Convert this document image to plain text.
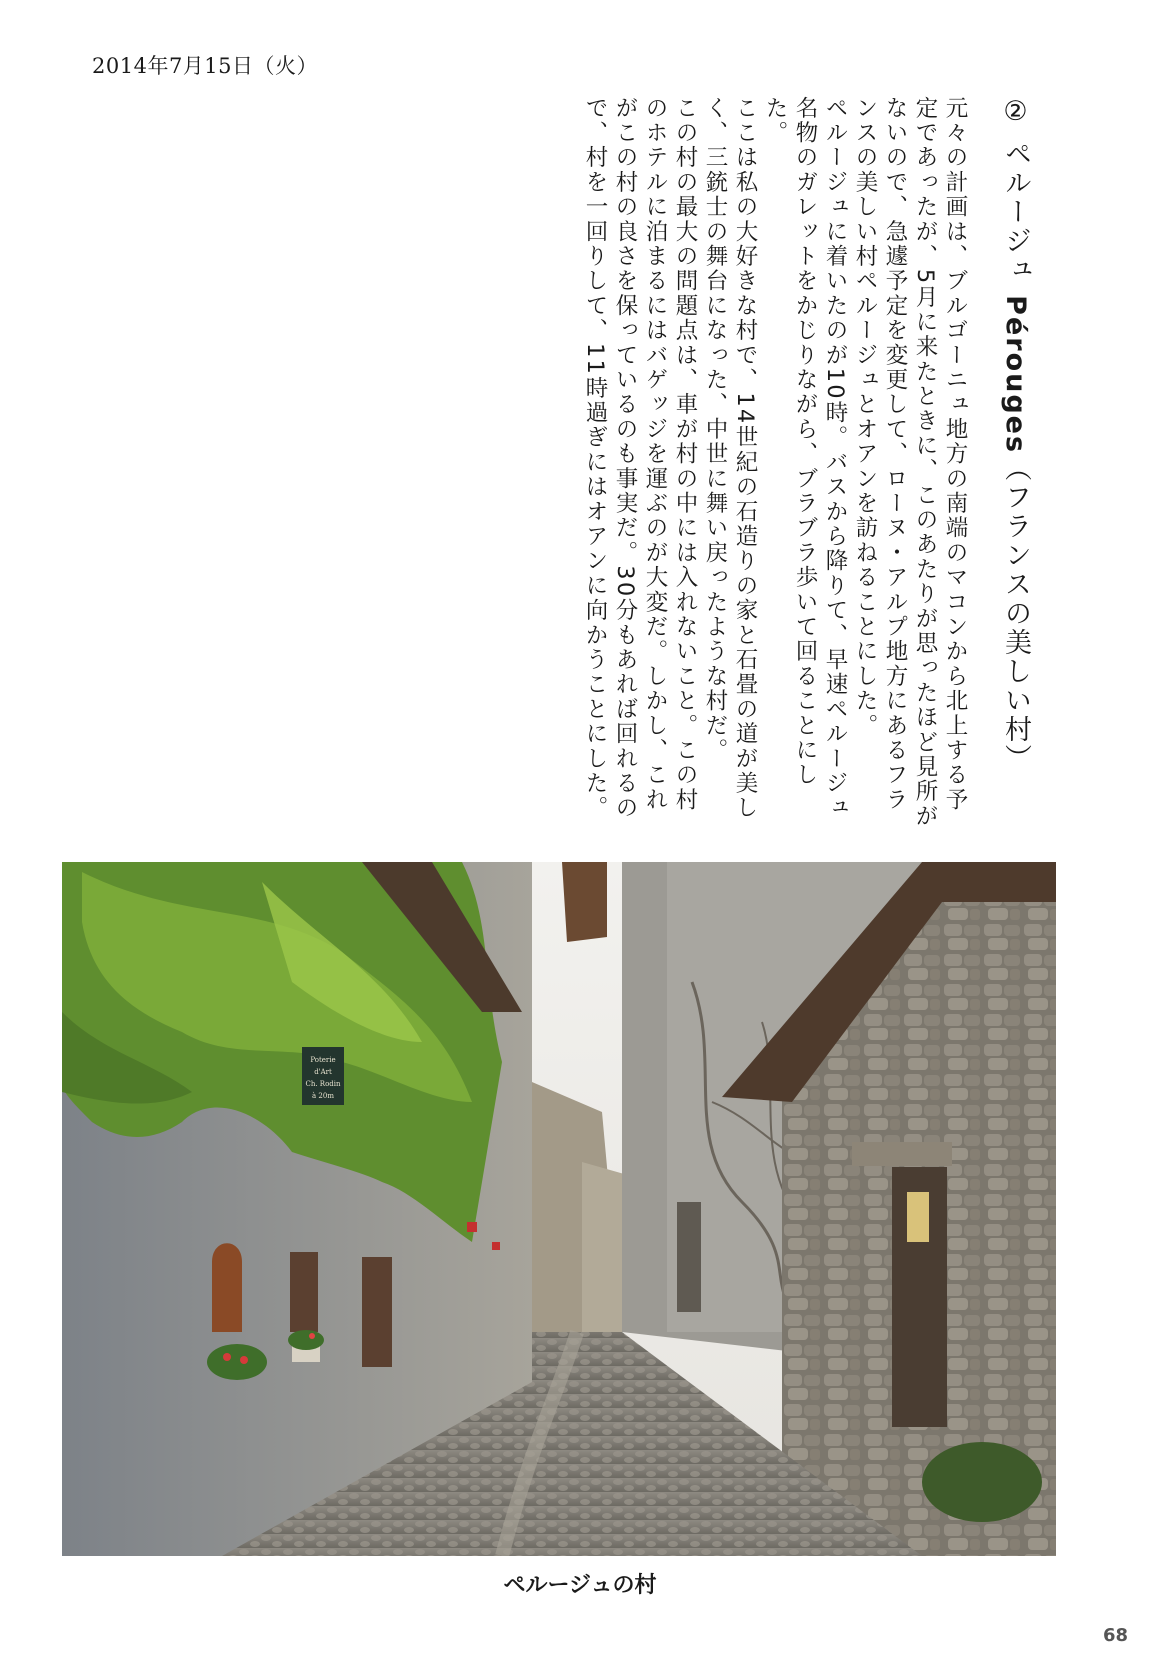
2014年7月15日（火）

② ペルージュ Pérouges（フランスの美しい村）

元々の計画は、ブルゴーニュ地方の南端のマコンから北上する予定であったが、5月に来たときに、このあたりが思ったほど見所がないので、急遽予定を変更して、ローヌ・アルプ地方にあるフランスの美しい村ペルージュとオアンを訪ねることにした。

ペルージュに着いたのが10時。バスから降りて、早速ペルージュ名物のガレットをかじりながら、ブラブラ歩いて回ることにした。

ここは私の大好きな村で、14世紀の石造りの家と石畳の道が美しく、三銃士の舞台になった、中世に舞い戻ったような村だ。

この村の最大の問題点は、車が村の中には入れないこと。この村のホテルに泊まるにはバゲッジを運ぶのが大変だ。しかし、これがこの村の良さを保っているのも事実だ。30分もあれば回れるので、村を一回りして、11時過ぎにはオアンに向かうことにした。

Poterie
d'Art
Ch. Rodin
à 20m
ペルージュの村
68
